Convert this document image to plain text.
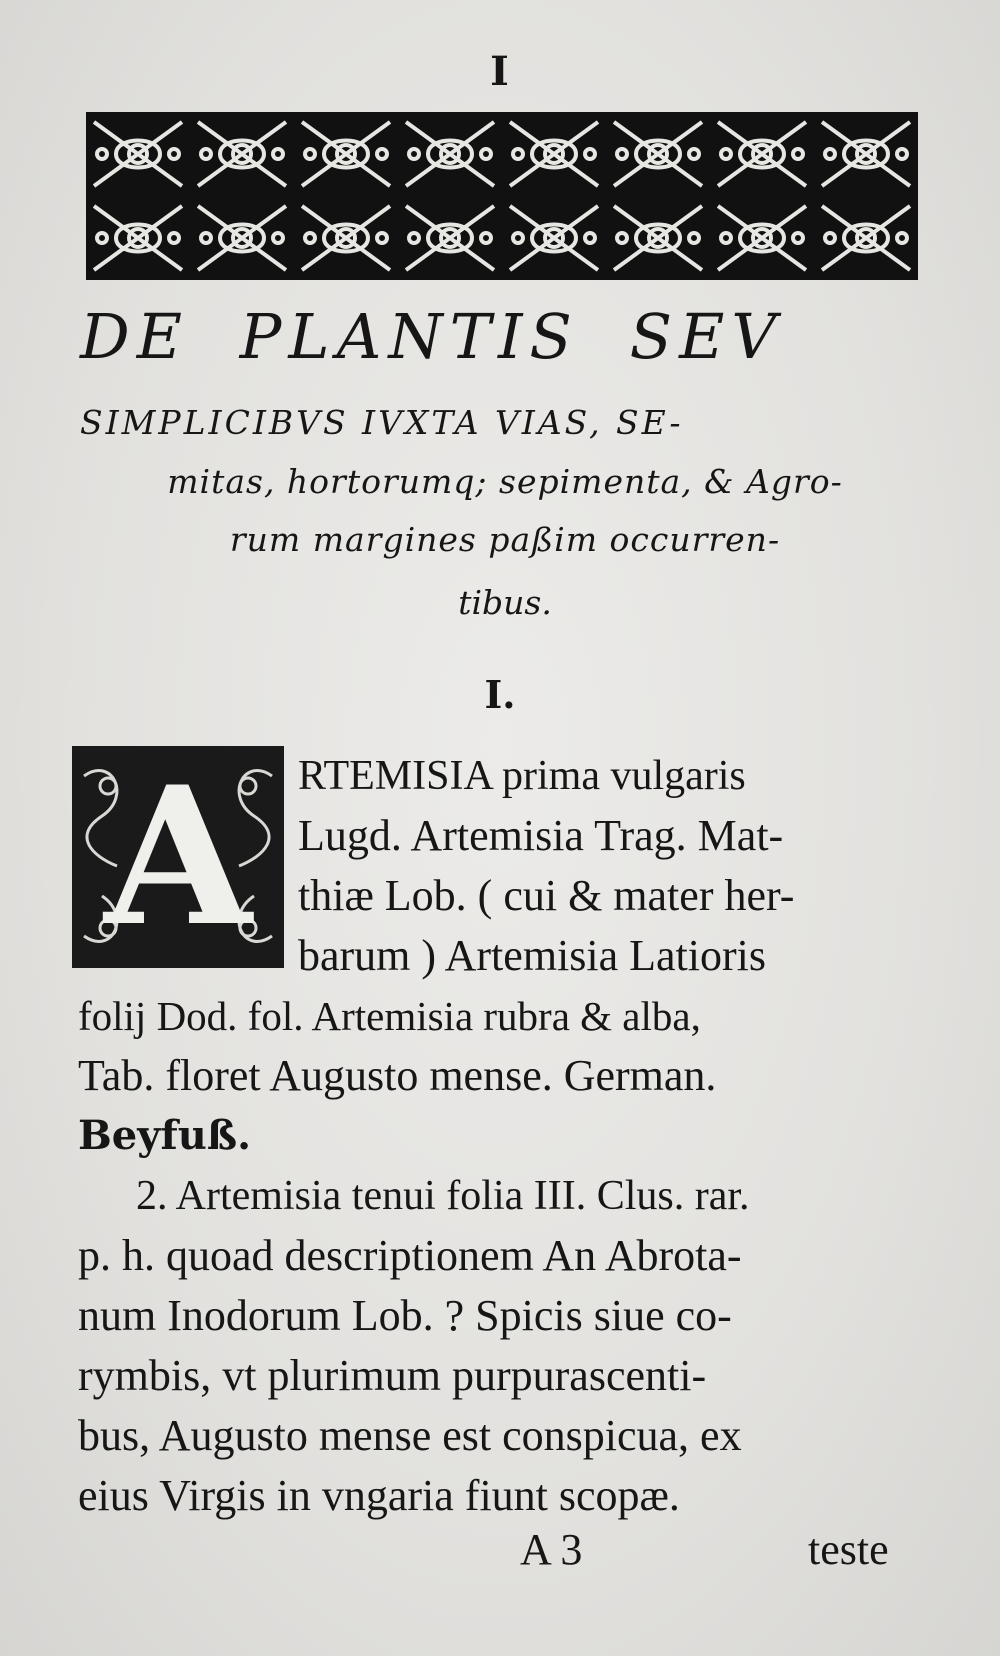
I
DE PLANTIS SEV
SIMPLICIBVS IVXTA VIAS, SE-
mitas, hortorumq; sepimenta, & Agro-
rum margines paßim occurren-
tibus.
I.
A	RTEMISIA prima vulgaris
Lugd. Artemisia Trag. Mat-
thiæ Lob. ( cui & mater her-
barum ) Artemisia Latioris
folij Dod. fol. Artemisia rubra & alba,
Tab. floret Augusto mense. German.
Beyfuß.
2. Artemisia tenui folia III. Clus. rar.
p. h. quoad descriptionem An Abrota-
num Inodorum Lob. ? Spicis siue co-
rymbis, vt plurimum purpurascenti-
bus, Augusto mense est conspicua, ex
eius Virgis in vngaria fiunt scopæ.
A 3	teste
